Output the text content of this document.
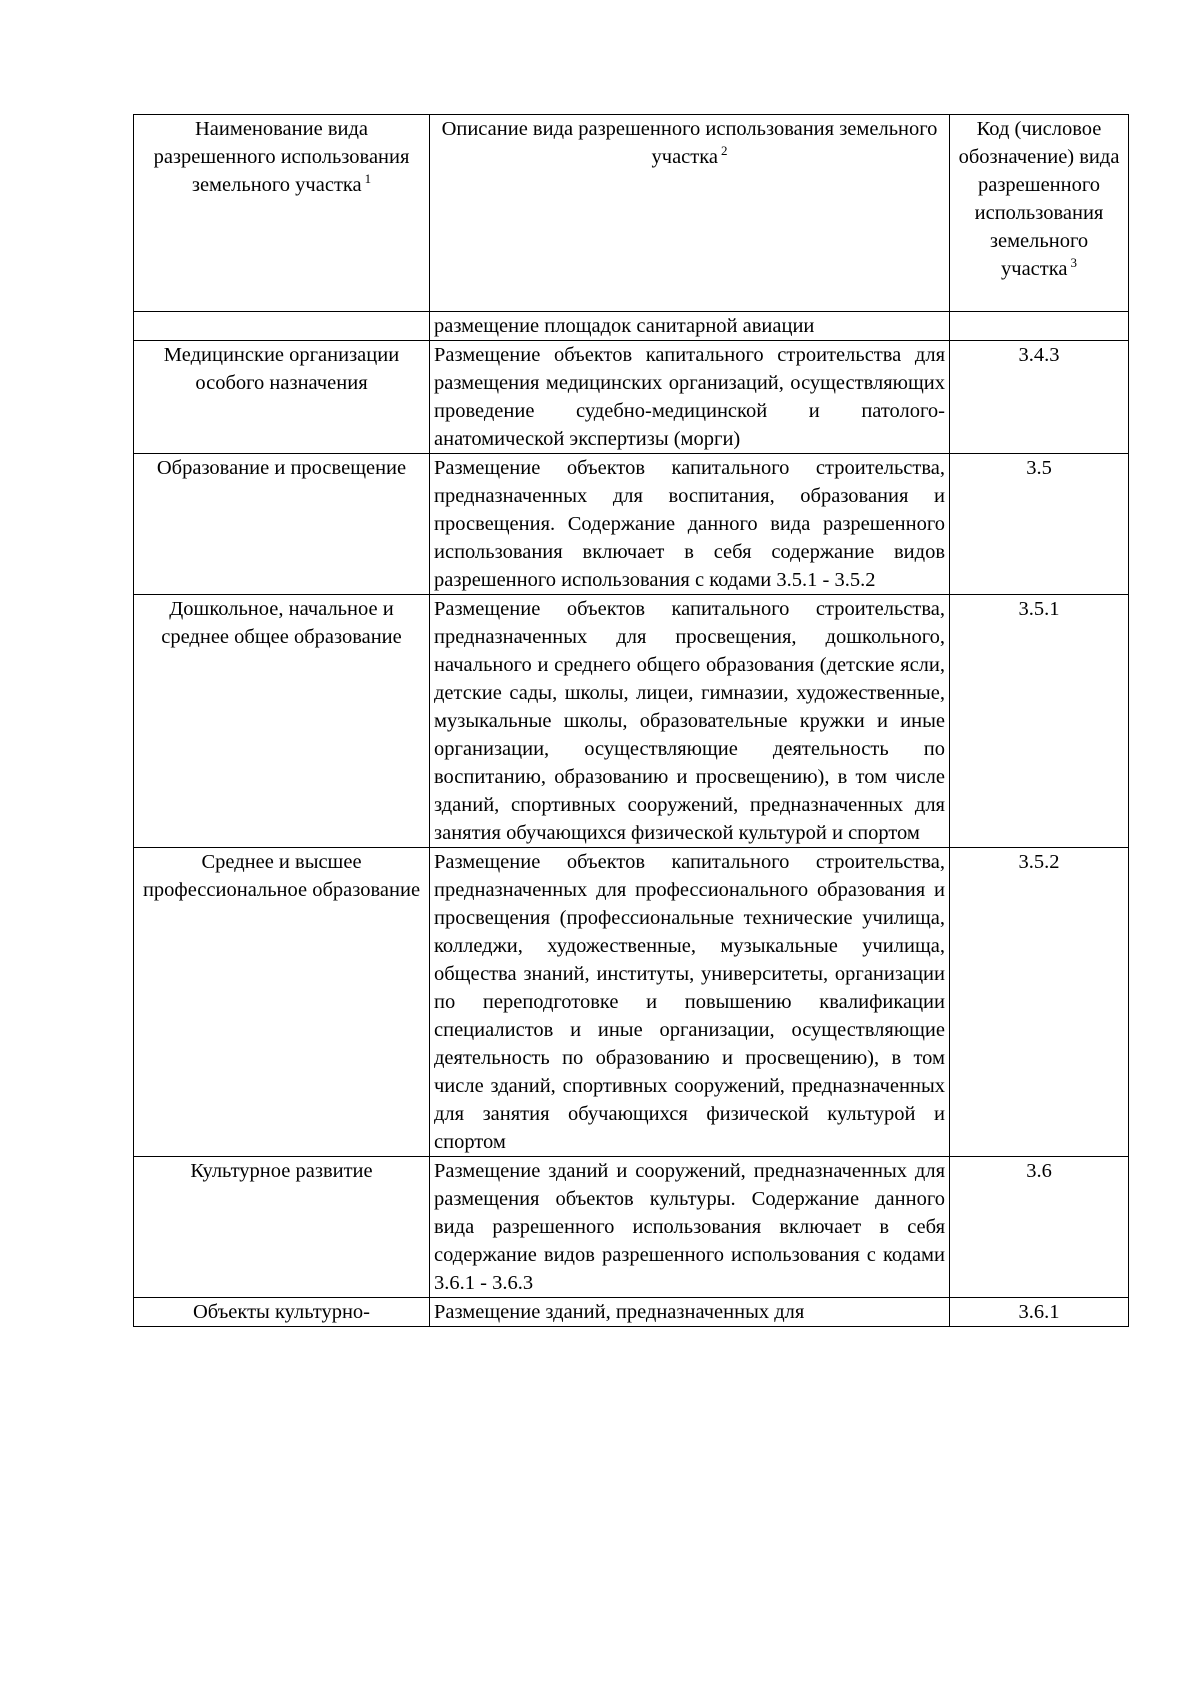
Наименование вида разрешенного использования земельного участка $^1$	Описание вида разрешенного использования земельного участка $^2$	Код (числовое обозначение) вида разрешенного использования земельного участка $^3$
	размещение площадок санитарной авиации	
Медицинские организации особого назначения	Размещение объектов капитального строительства для размещения медицинских организаций, осуществляющих проведение судебно-медицинской и патолого-анатомической экспертизы (морги)	3.4.3
Образование и просвещение	Размещение объектов капитального строительства, предназначенных для воспитания, образования и просвещения. Содержание данного вида разрешенного использования включает в себя содержание видов разрешенного использования с кодами 3.5.1 - 3.5.2	3.5
Дошкольное, начальное и среднее общее образование	Размещение объектов капитального строительства, предназначенных для просвещения, дошкольного, начального и среднего общего образования (детские ясли, детские сады, школы, лицеи, гимназии, художественные, музыкальные школы, образовательные кружки и иные организации, осуществляющие деятельность по воспитанию, образованию и просвещению), в том числе зданий, спортивных сооружений, предназначенных для занятия обучающихся физической культурой и спортом	3.5.1
Среднее и высшее профессиональное образование	Размещение объектов капитального строительства, предназначенных для профессионального образования и просвещения (профессиональные технические училища, колледжи, художественные, музыкальные училища, общества знаний, институты, университеты, организации по переподготовке и повышению квалификации специалистов и иные организации, осуществляющие деятельность по образованию и просвещению), в том числе зданий, спортивных сооружений, предназначенных для занятия обучающихся физической культурой и спортом	3.5.2
Культурное развитие	Размещение зданий и сооружений, предназначенных для размещения объектов культуры. Содержание данного вида разрешенного использования включает в себя содержание видов разрешенного использования с кодами 3.6.1 - 3.6.3	3.6
Объекты культурно-	Размещение зданий, предназначенных для	3.6.1
